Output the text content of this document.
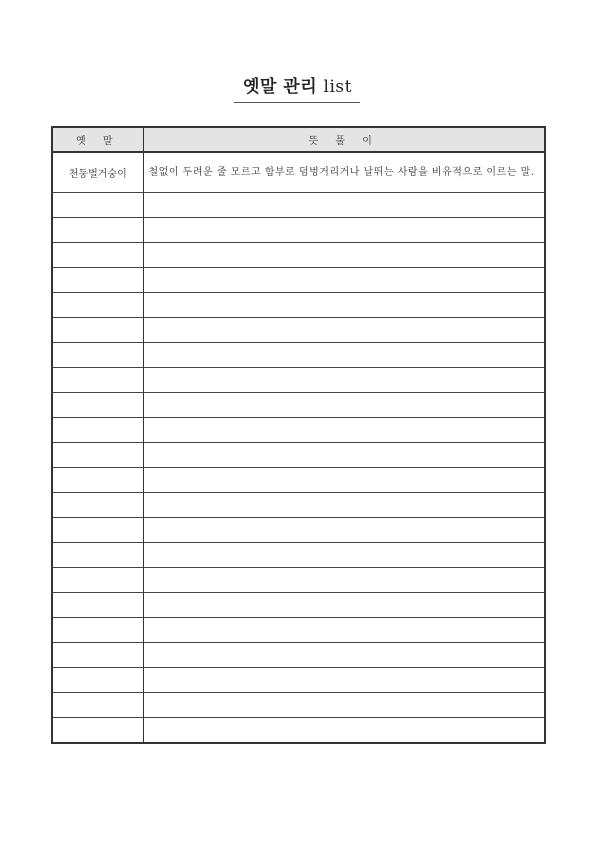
옛말 관리 list
옛 말	뜻 풀 이
천둥벌거숭이	철없이 두려운 줄 모르고 함부로 덤벙거리거나 날뛰는 사람을 비유적으로 이르는 말.
